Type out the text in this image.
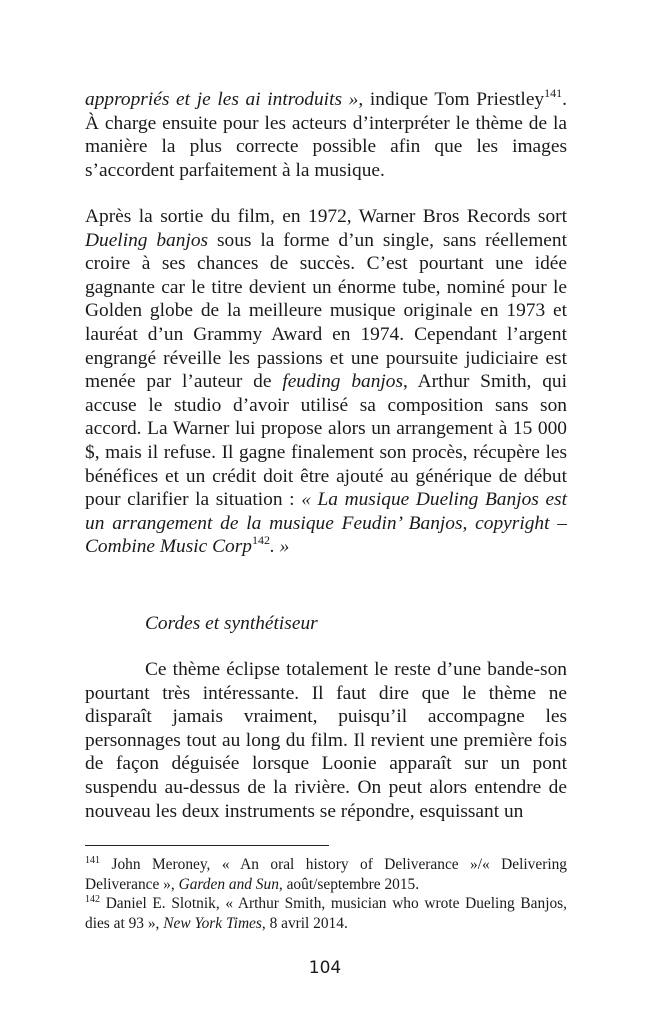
appropriés et je les ai introduits », indique Tom Priestley$^{141}$. À charge ensuite pour les acteurs d’interpréter le thème de la manière la plus correcte possible afin que les images s’accordent parfaitement à la musique.

Après la sortie du film, en 1972, Warner Bros Records sort Dueling banjos sous la forme d’un single, sans réellement croire à ses chances de succès. C’est pourtant une idée gagnante car le titre devient un énorme tube, nominé pour le Golden globe de la meilleure musique originale en 1973 et lauréat d’un Grammy Award en 1974. Cependant l’argent engrangé réveille les passions et une poursuite judiciaire est menée par l’auteur de feuding banjos, Arthur Smith, qui accuse le studio d’avoir utilisé sa composition sans son accord. La Warner lui propose alors un arrangement à 15 000 $, mais il refuse. Il gagne finalement son procès, récupère les bénéfices et un crédit doit être ajouté au générique de début pour clarifier la situation : « La musique Dueling Banjos est un arrangement de la musique Feudin’ Banjos, copyright – Combine Music Corp$^{142}$. »

Cordes et synthétiseur

Ce thème éclipse totalement le reste d’une bande-son pourtant très intéressante. Il faut dire que le thème ne disparaît jamais vraiment, puisqu’il accompagne les personnages tout au long du film. Il revient une première fois de façon déguisée lorsque Loonie apparaît sur un pont suspendu au-dessus de la rivière. On peut alors entendre de nouveau les deux instruments se répondre, esquissant un

$^{141}$ John Meroney, « An oral history of Deliverance »/« Delivering Deliverance », Garden and Sun, août/septembre 2015.

$^{142}$ Daniel E. Slotnik, « Arthur Smith, musician who wrote Dueling Banjos, dies at 93 », New York Times, 8 avril 2014.

104
